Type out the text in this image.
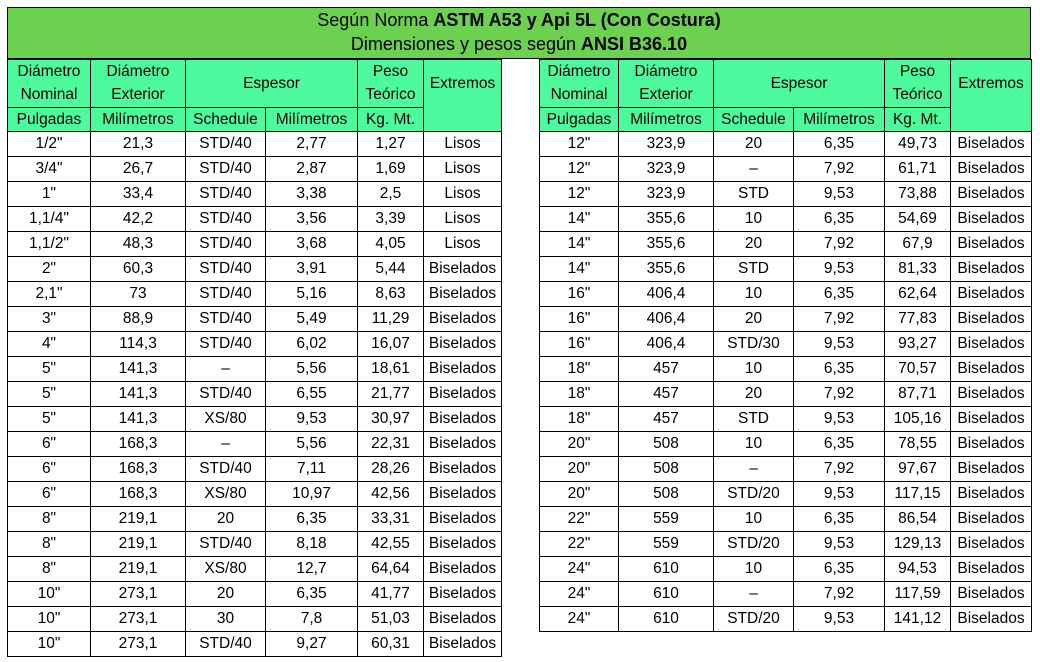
Según Norma ASTM A53 y Api 5L (Con Costura)
Dimensiones y pesos según ANSI B36.10
Diámetro	Diámetro	Espesor		Peso	Extremos
Nominal	Exterior			Teórico	
Pulgadas	Milímetros	Schedule	Milímetros	Kg. Mt.	
1/2"	21,3	STD/40	2,77	1,27	Lisos
3/4"	26,7	STD/40	2,87	1,69	Lisos
1"	33,4	STD/40	3,38	2,5	Lisos
1,1/4"	42,2	STD/40	3,56	3,39	Lisos
1,1/2"	48,3	STD/40	3,68	4,05	Lisos
2"	60,3	STD/40	3,91	5,44	Biselados
2,1"	73	STD/40	5,16	8,63	Biselados
3"	88,9	STD/40	5,49	11,29	Biselados
4"	114,3	STD/40	6,02	16,07	Biselados
5"	141,3	–	5,56	18,61	Biselados
5"	141,3	STD/40	6,55	21,77	Biselados
5"	141,3	XS/80	9,53	30,97	Biselados
6"	168,3	–	5,56	22,31	Biselados
6"	168,3	STD/40	7,11	28,26	Biselados
6"	168,3	XS/80	10,97	42,56	Biselados
8"	219,1	20	6,35	33,31	Biselados
8"	219,1	STD/40	8,18	42,55	Biselados
8"	219,1	XS/80	12,7	64,64	Biselados
10"	273,1	20	6,35	41,77	Biselados
10"	273,1	30	7,8	51,03	Biselados
10"	273,1	STD/40	9,27	60,31	Biselados
Diámetro	Diámetro	Espesor		Peso	Extremos
Nominal	Exterior			Teórico	
Pulgadas	Milímetros	Schedule	Milímetros	Kg. Mt.	
12"	323,9	20	6,35	49,73	Biselados
12"	323,9	–	7,92	61,71	Biselados
12"	323,9	STD	9,53	73,88	Biselados
14"	355,6	10	6,35	54,69	Biselados
14"	355,6	20	7,92	67,9	Biselados
14"	355,6	STD	9,53	81,33	Biselados
16"	406,4	10	6,35	62,64	Biselados
16"	406,4	20	7,92	77,83	Biselados
16"	406,4	STD/30	9,53	93,27	Biselados
18"	457	10	6,35	70,57	Biselados
18"	457	20	7,92	87,71	Biselados
18"	457	STD	9,53	105,16	Biselados
20"	508	10	6,35	78,55	Biselados
20"	508	–	7,92	97,67	Biselados
20"	508	STD/20	9,53	117,15	Biselados
22"	559	10	6,35	86,54	Biselados
22"	559	STD/20	9,53	129,13	Biselados
24"	610	10	6,35	94,53	Biselados
24"	610	–	7,92	117,59	Biselados
24"	610	STD/20	9,53	141,12	Biselados
